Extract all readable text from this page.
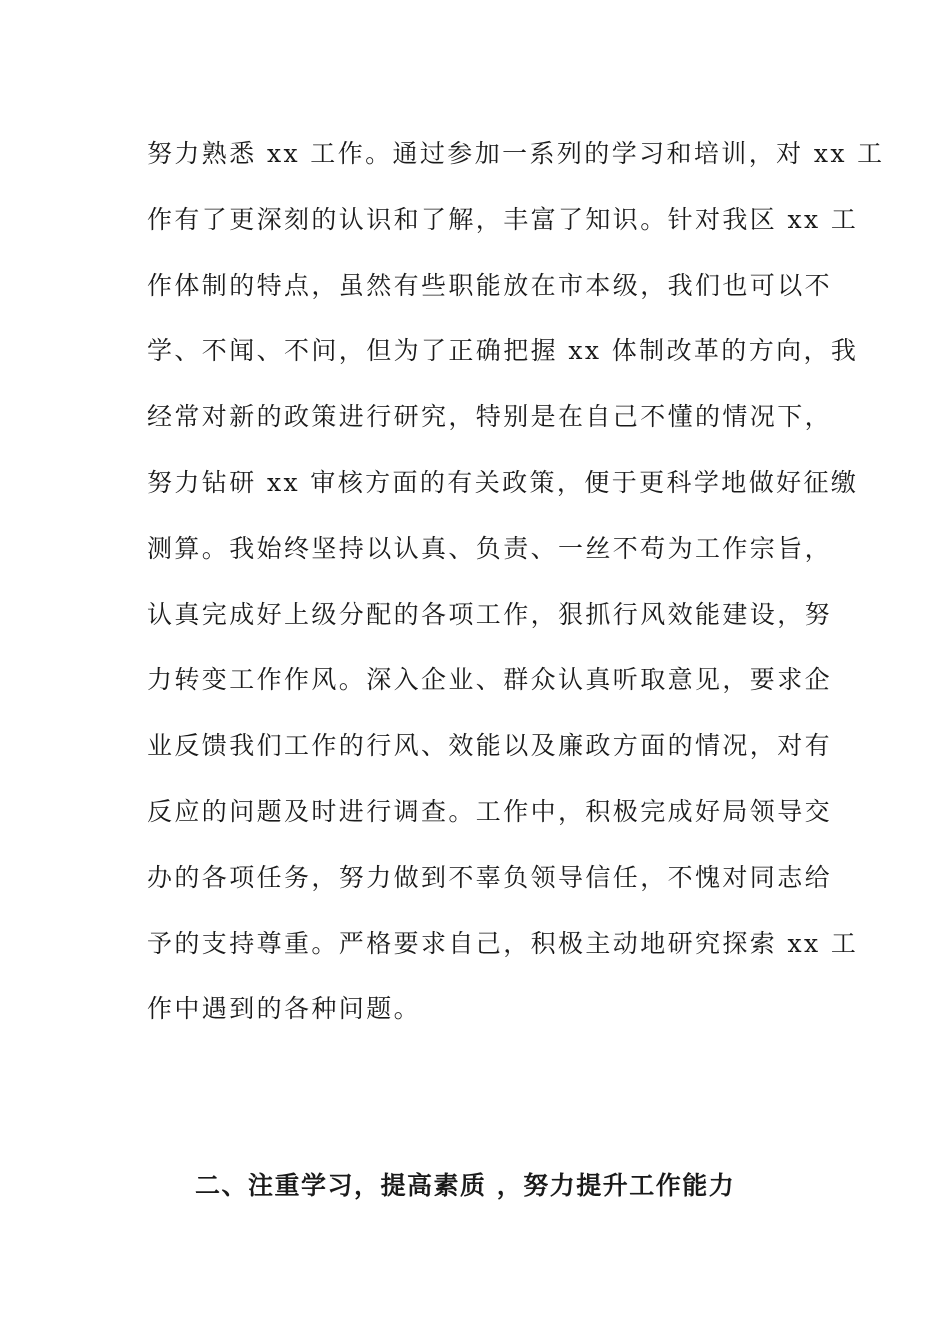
努力熟悉 xx 工作。通过参加一系列的学习和培训，对 xx 工
作有了更深刻的认识和了解，丰富了知识。针对我区 xx 工
作体制的特点，虽然有些职能放在市本级，我们也可以不
学、不闻、不问，但为了正确把握 xx 体制改革的方向，我
经常对新的政策进行研究，特别是在自己不懂的情况下，
努力钻研 xx 审核方面的有关政策，便于更科学地做好征缴
测算。我始终坚持以认真、负责、一丝不苟为工作宗旨，
认真完成好上级分配的各项工作，狠抓行风效能建设，努
力转变工作作风。深入企业、群众认真听取意见，要求企
业反馈我们工作的行风、效能以及廉政方面的情况，对有
反应的问题及时进行调查。工作中，积极完成好局领导交
办的各项任务，努力做到不辜负领导信任，不愧对同志给
予的支持尊重。严格要求自己，积极主动地研究探索 xx 工
作中遇到的各种问题。
二、注重学习，提高素质 ，努力提升工作能力
